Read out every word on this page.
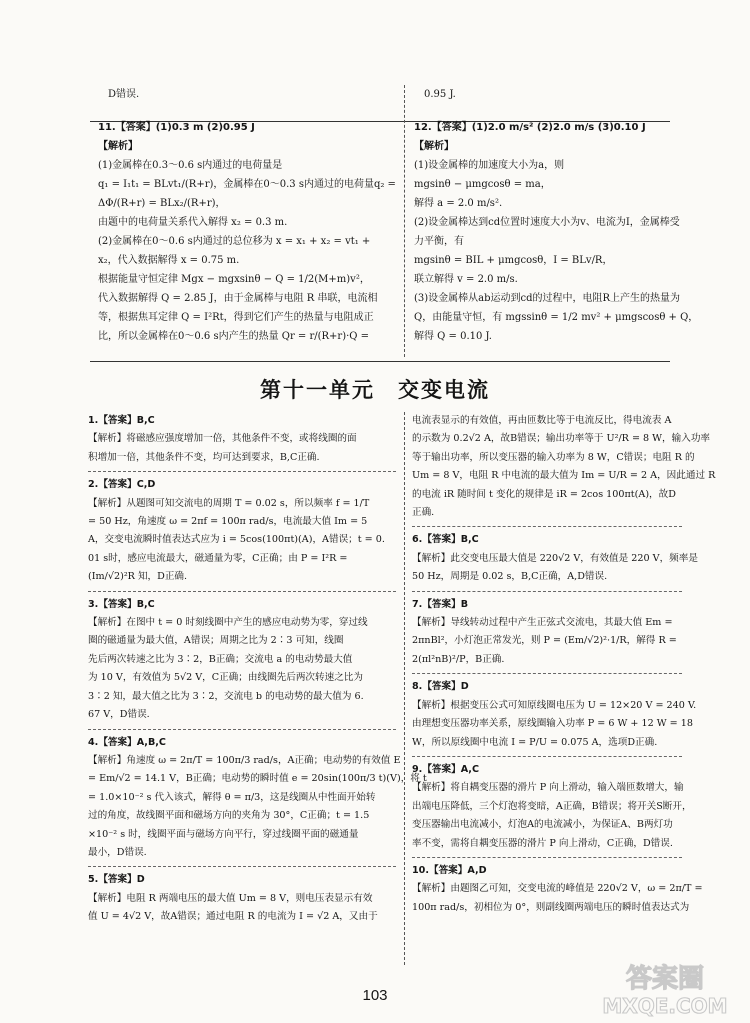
D错误.
11.【答案】(1)0.3 m (2)0.95 J
【解析】
(1)金属棒在0.3～0.6 s内通过的电荷量是
q₁ = I₁t₁ = BLvt₁/(R+r)，金属棒在0～0.3 s内通过的电荷量q₂ =
ΔΦ/(R+r) = BLx₂/(R+r)，
由题中的电荷量关系代入解得 x₂ = 0.3 m.
(2)金属棒在0～0.6 s内通过的总位移为 x = x₁ + x₂ = vt₁ +
x₂，代入数据解得 x = 0.75 m.
根据能量守恒定律 Mgx − mgxsinθ − Q = 1/2(M+m)v²，
代入数据解得 Q = 2.85 J，由于金属棒与电阻 R 串联，电流相
等，根据焦耳定律 Q = I²Rt，得到它们产生的热量与电阻成正
比，所以金属棒在0～0.6 s内产生的热量 Qr = r/(R+r)·Q =
0.95 J.
12.【答案】(1)2.0 m/s² (2)2.0 m/s (3)0.10 J
【解析】
(1)设金属棒的加速度大小为a，则
mgsinθ − μmgcosθ = ma，
解得 a = 2.0 m/s².
(2)设金属棒达到cd位置时速度大小为v、电流为I，金属棒受
力平衡，有
mgsinθ = BIL + μmgcosθ，I = BLv/R，
联立解得 v = 2.0 m/s.
(3)设金属棒从ab运动到cd的过程中，电阻R上产生的热量为
Q，由能量守恒，有 mgssinθ = 1/2 mv² + μmgscosθ + Q，
解得 Q = 0.10 J.
第十一单元　交变电流
1.【答案】B,C
【解析】将磁感应强度增加一倍，其他条件不变，或将线圈的面
积增加一倍，其他条件不变，均可达到要求，B,C正确.
2.【答案】C,D
【解析】从题图可知交流电的周期 T = 0.02 s，所以频率 f = 1/T
= 50 Hz，角速度 ω = 2πf = 100π rad/s，电流最大值 Im = 5
A，交变电流瞬时值表达式应为 i = 5cos(100πt)(A)，A错误；t = 0.
01 s时，感应电流最大，磁通量为零，C正确；由 P = I²R =
(Im/√2)²R 知，D正确.
3.【答案】B,C
【解析】在图中 t = 0 时刻线圈中产生的感应电动势为零，穿过线
圈的磁通量为最大值，A错误；周期之比为 2∶3 可知，线圈
先后两次转速之比为 3∶2，B正确；交流电 a 的电动势最大值
为 10 V，有效值为 5√2 V，C正确；由线圈先后两次转速之比为
3∶2 知，最大值之比为 3∶2，交流电 b 的电动势的最大值为 6.
67 V，D错误.
4.【答案】A,B,C
【解析】角速度 ω = 2π/T = 100π/3 rad/s，A正确；电动势的有效值 E
= Em/√2 = 14.1 V，B正确；电动势的瞬时值 e = 20sin(100π/3 t)(V)，将 t
= 1.0×10⁻² s 代入该式，解得 θ = π/3，这是线圈从中性面开始转
过的角度，故线圈平面和磁场方向的夹角为 30°，C正确；t = 1.5
×10⁻² s 时，线圈平面与磁场方向平行，穿过线圈平面的磁通量
最小，D错误.
5.【答案】D
【解析】电阻 R 两端电压的最大值 Um = 8 V，则电压表显示有效
值 U = 4√2 V，故A错误；通过电阻 R 的电流为 I = √2 A，又由于
电流表显示的有效值，再由匝数比等于电流反比，得电流表 A
的示数为 0.2√2 A，故B错误；输出功率等于 U²/R = 8 W，输入功率
等于输出功率，所以变压器的输入功率为 8 W，C错误；电阻 R 的
Um = 8 V，电阻 R 中电流的最大值为 Im = U/R = 2 A，因此通过 R
的电流 iR 随时间 t 变化的规律是 iR = 2cos 100πt(A)，故D
正确.
6.【答案】B,C
【解析】此交变电压最大值是 220√2 V，有效值是 220 V，频率是
50 Hz，周期是 0.02 s，B,C正确，A,D错误.
7.【答案】B
【解析】导线转动过程中产生正弦式交流电，其最大值 Em =
2πnBl²，小灯泡正常发光，则 P = (Em/√2)²·1/R，解得 R =
2(πl²nB)²/P，B正确.
8.【答案】D
【解析】根据变压公式可知原线圈电压为 U = 12×20 V = 240 V.
由理想变压器功率关系，原线圈输入功率 P = 6 W + 12 W = 18
W，所以原线圈中电流 I = P/U = 0.075 A，选项D正确.
9.【答案】A,C
【解析】将自耦变压器的滑片 P 向上滑动，输入端匝数增大，输
出端电压降低，三个灯泡将变暗，A正确，B错误；将开关S断开，
变压器输出电流减小，灯泡A的电流减小，为保证A、B两灯功
率不变，需将自耦变压器的滑片 P 向上滑动，C正确，D错误.
10.【答案】A,D
【解析】由题图乙可知，交变电流的峰值是 220√2 V，ω = 2π/T =
100π rad/s，初相位为 0°，则副线圈两端电压的瞬时值表达式为
103
答案圈
MXQE.COM
